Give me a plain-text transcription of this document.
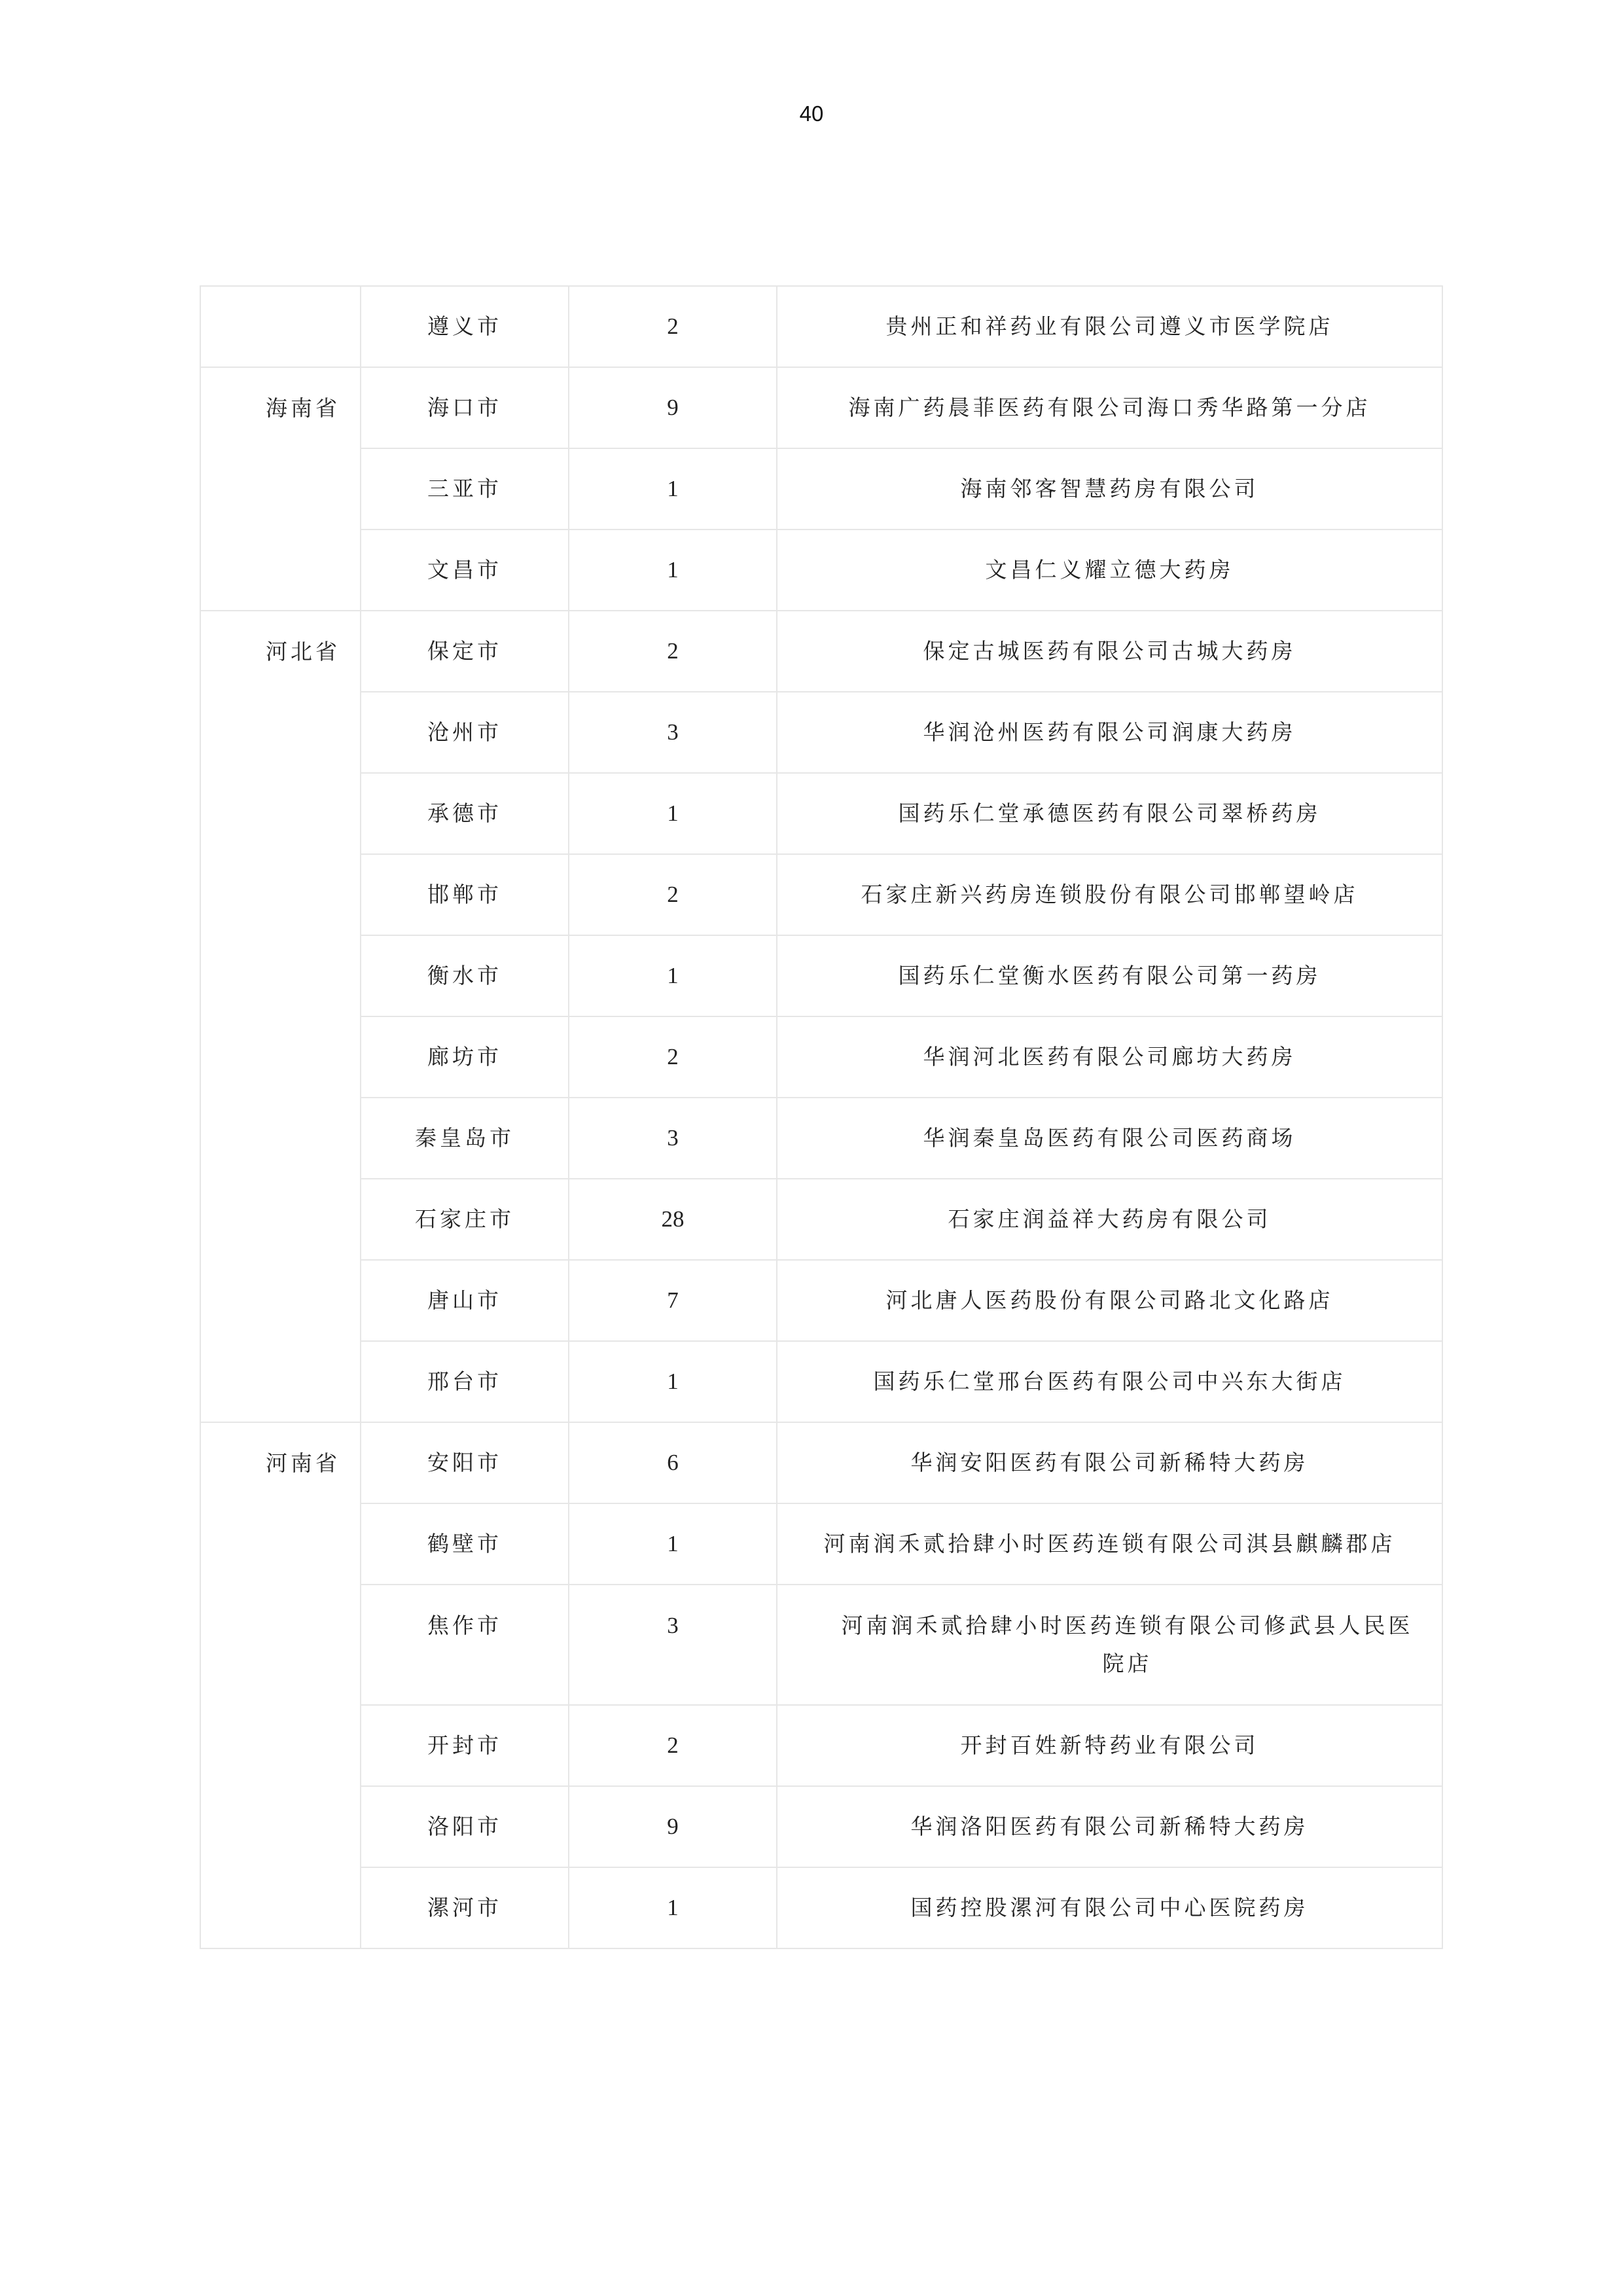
40
	遵义市	2	贵州正和祥药业有限公司遵义市医学院店
海南省	海口市	9	海南广药晨菲医药有限公司海口秀华路第一分店
	三亚市	1	海南邻客智慧药房有限公司
	文昌市	1	文昌仁义耀立德大药房
河北省	保定市	2	保定古城医药有限公司古城大药房
	沧州市	3	华润沧州医药有限公司润康大药房
	承德市	1	国药乐仁堂承德医药有限公司翠桥药房
	邯郸市	2	石家庄新兴药房连锁股份有限公司邯郸望岭店
	衡水市	1	国药乐仁堂衡水医药有限公司第一药房
	廊坊市	2	华润河北医药有限公司廊坊大药房
	秦皇岛市	3	华润秦皇岛医药有限公司医药商场
	石家庄市	28	石家庄润益祥大药房有限公司
	唐山市	7	河北唐人医药股份有限公司路北文化路店
	邢台市	1	国药乐仁堂邢台医药有限公司中兴东大街店
河南省	安阳市	6	华润安阳医药有限公司新稀特大药房
	鹤壁市	1	河南润禾贰拾肆小时医药连锁有限公司淇县麒麟郡店
	焦作市	3	河南润禾贰拾肆小时医药连锁有限公司修武县人民医院店
	开封市	2	开封百姓新特药业有限公司
	洛阳市	9	华润洛阳医药有限公司新稀特大药房
	漯河市	1	国药控股漯河有限公司中心医院药房
